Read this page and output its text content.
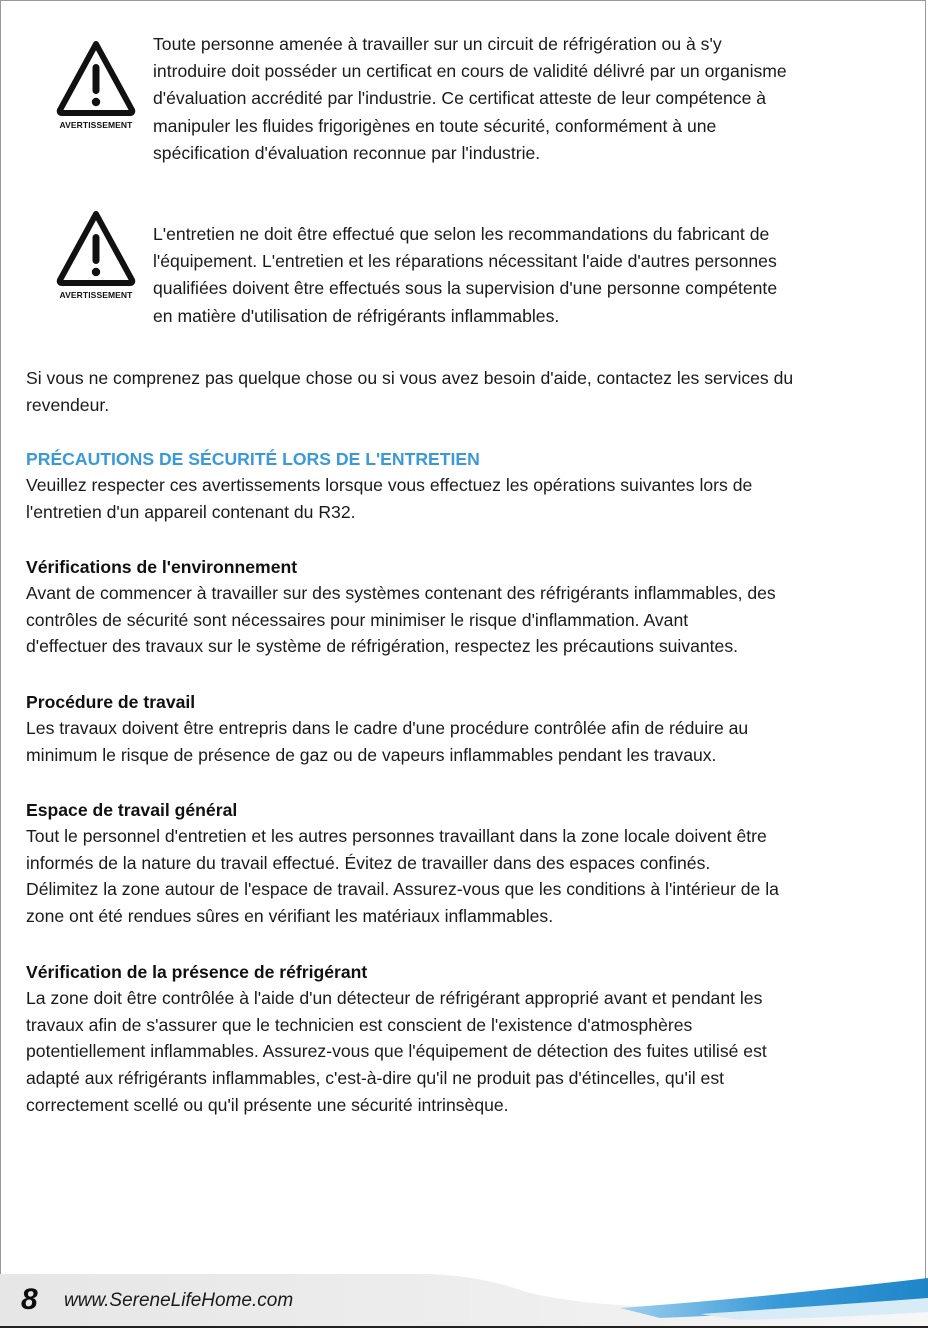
AVERTISSEMENT
Toute personne amenée à travailler sur un circuit de réfrigération ou à s'y
introduire doit posséder un certificat en cours de validité délivré par un organisme
d'évaluation accrédité par l'industrie. Ce certificat atteste de leur compétence à
manipuler les fluides frigorigènes en toute sécurité, conformément à une
spécification d'évaluation reconnue par l'industrie.
AVERTISSEMENT
L'entretien ne doit être effectué que selon les recommandations du fabricant de
l'équipement. L'entretien et les réparations nécessitant l'aide d'autres personnes
qualifiées doivent être effectués sous la supervision d'une personne compétente
en matière d'utilisation de réfrigérants inflammables.
Si vous ne comprenez pas quelque chose ou si vous avez besoin d'aide, contactez les services du
revendeur.
PRÉCAUTIONS DE SÉCURITÉ LORS DE L'ENTRETIEN
Veuillez respecter ces avertissements lorsque vous effectuez les opérations suivantes lors de
l'entretien d'un appareil contenant du R32.
Vérifications de l'environnement
Avant de commencer à travailler sur des systèmes contenant des réfrigérants inflammables, des
contrôles de sécurité sont nécessaires pour minimiser le risque d'inflammation. Avant
d'effectuer des travaux sur le système de réfrigération, respectez les précautions suivantes.
Procédure de travail
Les travaux doivent être entrepris dans le cadre d'une procédure contrôlée afin de réduire au
minimum le risque de présence de gaz ou de vapeurs inflammables pendant les travaux.
Espace de travail général
Tout le personnel d'entretien et les autres personnes travaillant dans la zone locale doivent être
informés de la nature du travail effectué. Évitez de travailler dans des espaces confinés.
Délimitez la zone autour de l'espace de travail. Assurez-vous que les conditions à l'intérieur de la
zone ont été rendues sûres en vérifiant les matériaux inflammables.
Vérification de la présence de réfrigérant
La zone doit être contrôlée à l'aide d'un détecteur de réfrigérant approprié avant et pendant les
travaux afin de s'assurer que le technicien est conscient de l'existence d'atmosphères
potentiellement inflammables. Assurez-vous que l'équipement de détection des fuites utilisé est
adapté aux réfrigérants inflammables, c'est-à-dire qu'il ne produit pas d'étincelles, qu'il est
correctement scellé ou qu'il présente une sécurité intrinsèque.
8 www.SereneLifeHome.com
